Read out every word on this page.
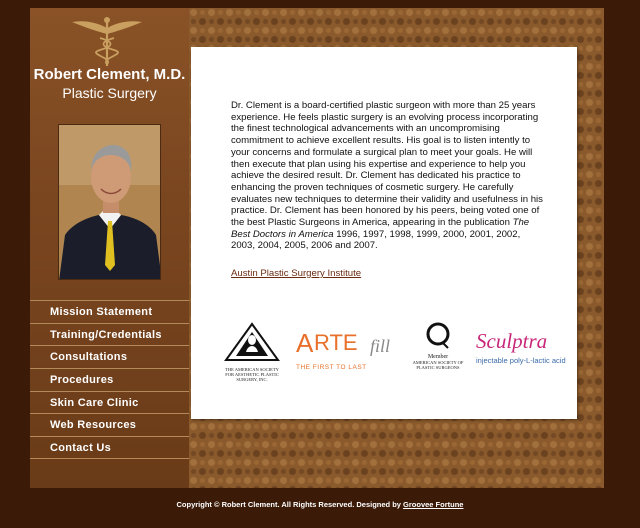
Robert Clement, M.D.
Plastic Surgery
Mission Statement
Training/Credentials
Consultations
Procedures
Skin Care Clinic
Web Resources
Contact Us

Dr. Clement is a board-certified plastic surgeon with more than 25 years experience. He feels plastic surgery is an evolving process incorporating the finest technological advancements with an uncompromising commitment to achieve excellent results. His goal is to listen intently to your concerns and formulate a surgical plan to meet your goals. He will then execute that plan using his expertise and experience to help you achieve the desired result. Dr. Clement has dedicated his practice to enhancing the proven techniques of cosmetic surgery. He carefully evaluates new techniques to determine their validity and usefulness in his practice. Dr. Clement has been honored by his peers, being voted one of the best Plastic Surgeons in America, appearing in the publication The Best Doctors in America 1996, 1997, 1998, 1999, 2000, 2001, 2002, 2003, 2004, 2005, 2006 and 2007.

Austin Plastic Surgery Institute
THE AMERICAN SOCIETY FOR AESTHETIC PLASTIC SURGERY, INC.
A RTE fill
THE FIRST TO LAST
Member
AMERICAN SOCIETY OF PLASTIC SURGEONS
Sculptra
injectable poly-L-lactic acid
Copyright © Robert Clement. All Rights Reserved. Designed by Groovee Fortune
